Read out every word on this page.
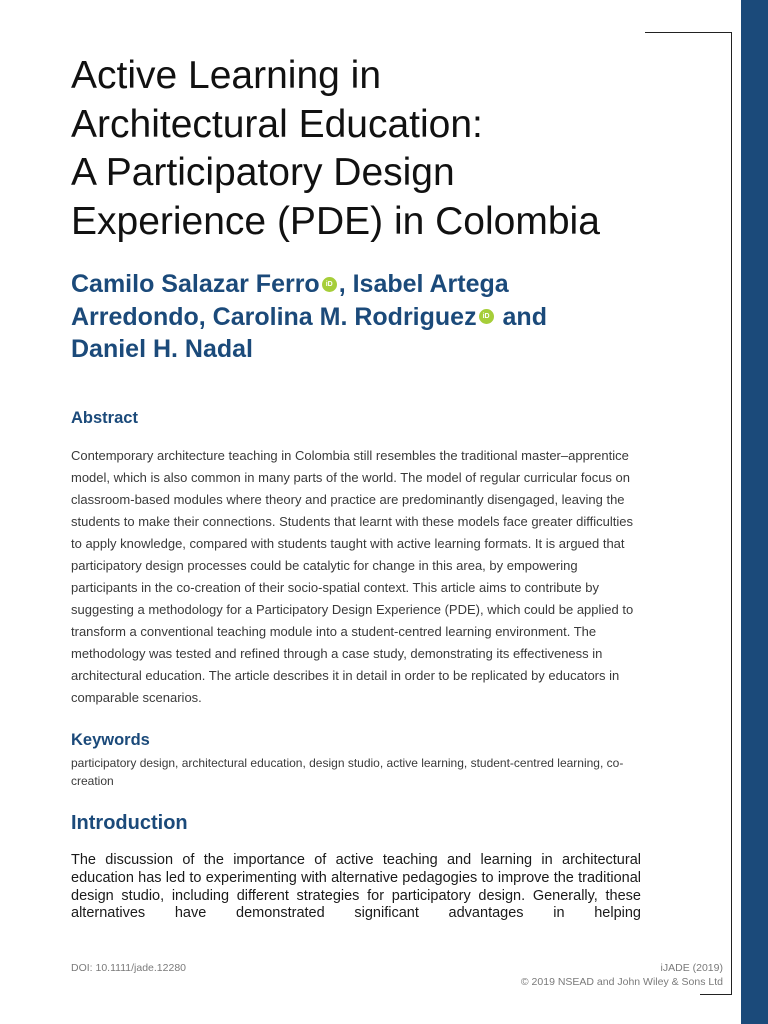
Active Learning in
Architectural Education:
A Participatory Design
Experience (PDE) in Colombia
Camilo Salazar Ferro iD , Isabel Artega
Arredondo, Carolina M. Rodriguez iD and
Daniel H. Nadal
Abstract

Contemporary architecture teaching in Colombia still resembles the traditional master–apprentice model, which is also common in many parts of the world. The model of regular curricular focus on classroom-based modules where theory and practice are predominantly disengaged, leaving the students to make their connections. Students that learnt with these models face greater difficulties to apply knowledge, compared with students taught with active learning formats. It is argued that participatory design processes could be catalytic for change in this area, by empowering participants in the co-creation of their socio-spatial context. This article aims to contribute by suggesting a methodology for a Participatory Design Experience (PDE), which could be applied to transform a conventional teaching module into a student-centred learning environment. The methodology was tested and refined through a case study, demonstrating its effectiveness in architectural education. The article describes it in detail in order to be replicated by educators in comparable scenarios.

Keywords

participatory design, architectural education, design studio, active learning, student-centred learning, co-creation

Introduction

The discussion of the importance of active teaching and learning in architectural education has led to experimenting with alternative pedagogies to improve the traditional design studio, including different strategies for participatory design. Generally, these alternatives have demonstrated significant advantages in helping

DOI: 10.1111/jade.12280	iJADE (2019)
© 2019 NSEAD and John Wiley & Sons Ltd
